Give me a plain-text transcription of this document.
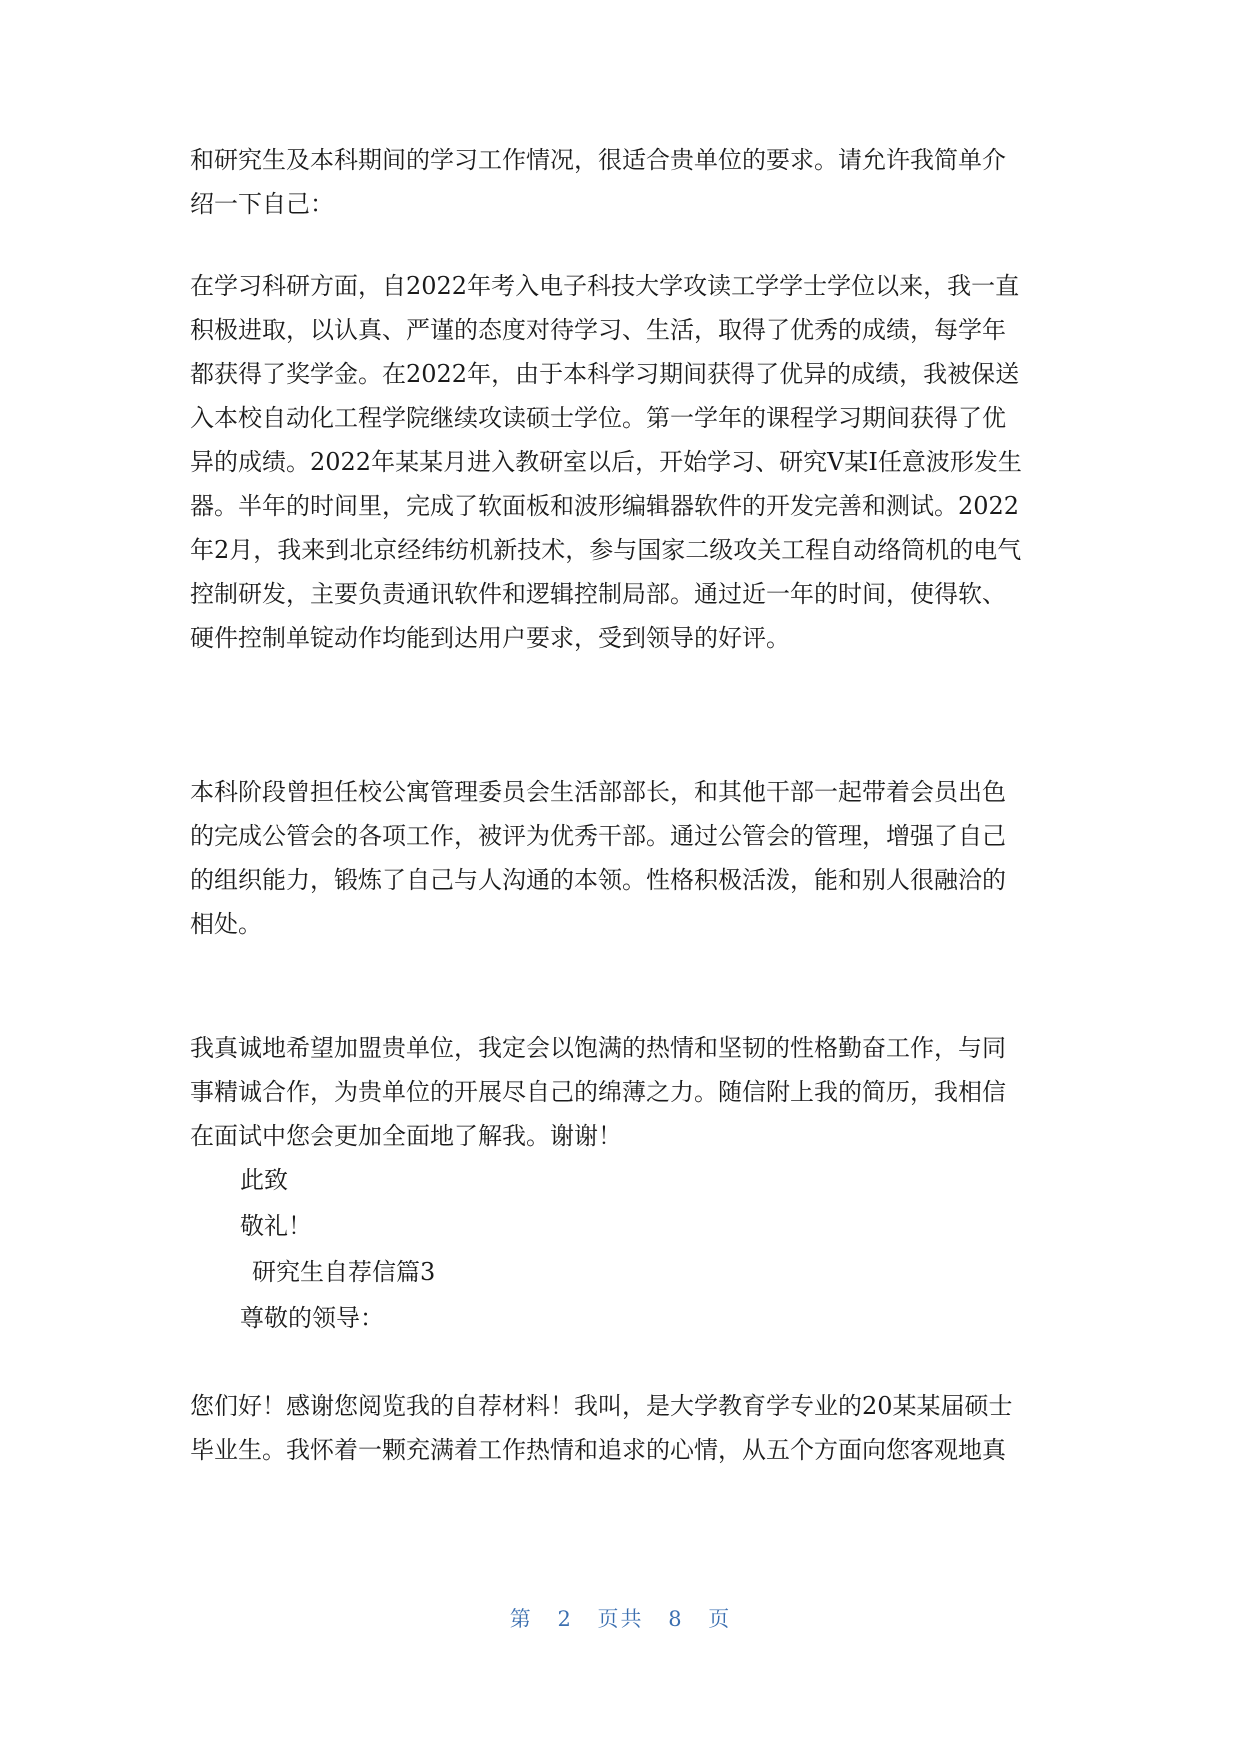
和研究生及本科期间的学习工作情况，很适合贵单位的要求。请允许我简单介
绍一下自己：
在学习科研方面，自2022年考入电子科技大学攻读工学学士学位以来，我一直
积极进取，以认真、严谨的态度对待学习、生活，取得了优秀的成绩，每学年
都获得了奖学金。在2022年，由于本科学习期间获得了优异的成绩，我被保送
入本校自动化工程学院继续攻读硕士学位。第一学年的课程学习期间获得了优
异的成绩。2022年某某月进入教研室以后，开始学习、研究V某I任意波形发生
器。半年的时间里，完成了软面板和波形编辑器软件的开发完善和测试。2022
年2月，我来到北京经纬纺机新技术，参与国家二级攻关工程自动络筒机的电气
控制研发，主要负责通讯软件和逻辑控制局部。通过近一年的时间，使得软、
硬件控制单锭动作均能到达用户要求，受到领导的好评。
本科阶段曾担任校公寓管理委员会生活部部长，和其他干部一起带着会员出色
的完成公管会的各项工作，被评为优秀干部。通过公管会的管理，增强了自己
的组织能力，锻炼了自己与人沟通的本领。性格积极活泼，能和别人很融洽的
相处。
我真诚地希望加盟贵单位，我定会以饱满的热情和坚韧的性格勤奋工作，与同
事精诚合作，为贵单位的开展尽自己的绵薄之力。随信附上我的简历，我相信
在面试中您会更加全面地了解我。谢谢！
此致
敬礼！
研究生自荐信篇3
尊敬的领导：
您们好！感谢您阅览我的自荐材料！我叫，是大学教育学专业的20某某届硕士
毕业生。我怀着一颗充满着工作热情和追求的心情，从五个方面向您客观地真
第 2 页共 8 页
